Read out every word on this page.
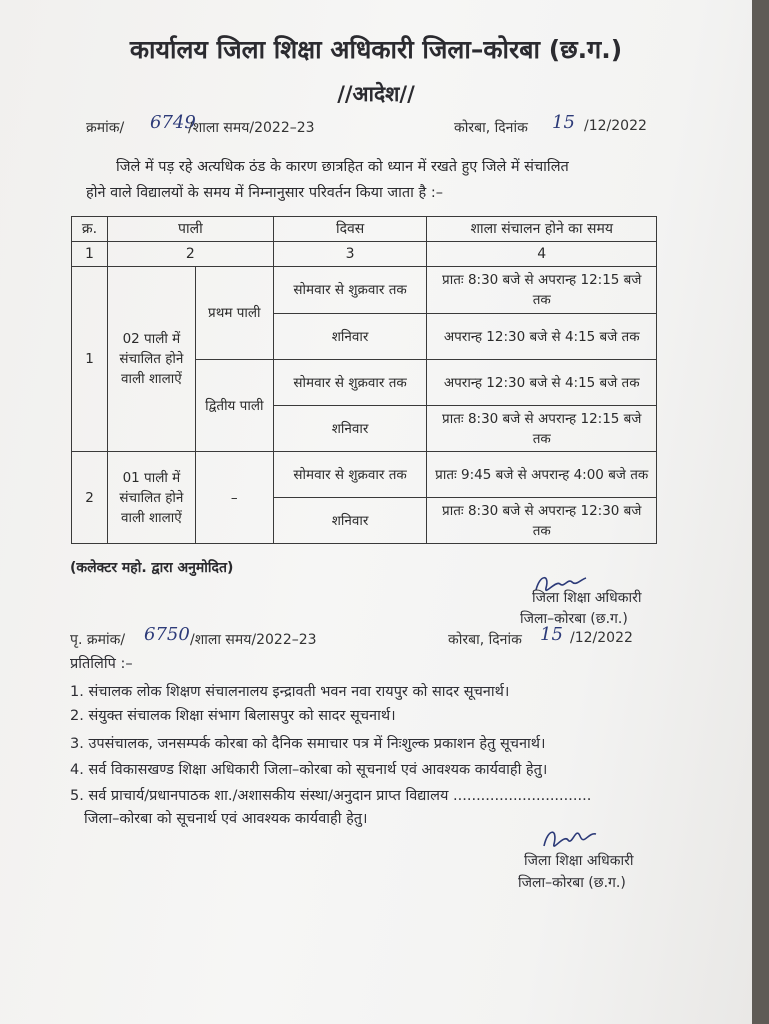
कार्यालय जिला शिक्षा अधिकारी जिला–कोरबा (छ.ग.)
//आदेश//
क्रमांक/ 6749
/शाला समय/2022–23	कोरबा, दिनांक 15 /12/2022
जिले में पड़ रहे अत्यधिक ठंड के कारण छात्रहित को ध्यान में रखते हुए जिले में संचालित
होने वाले विद्यालयों के समय में निम्नानुसार परिवर्तन किया जाता है :–
क्र.	पाली		दिवस	शाला संचालन होने का समय
1	2		3	4
1	02 पाली में संचालित होने वाली शालाऐं	प्रथम पाली	सोमवार से शुक्रवार तक	प्रातः 8:30 बजे से अपरान्ह 12:15 बजे तक
			शनिवार	अपरान्ह 12:30 बजे से 4:15 बजे तक
		द्वितीय पाली	सोमवार से शुक्रवार तक	अपरान्ह 12:30 बजे से 4:15 बजे तक
			शनिवार	प्रातः 8:30 बजे से अपरान्ह 12:15 बजे तक
2	01 पाली में संचालित होने वाली शालाऐं	–	सोमवार से शुक्रवार तक	प्रातः 9:45 बजे से अपरान्ह 4:00 बजे तक
			शनिवार	प्रातः 8:30 बजे से अपरान्ह 12:30 बजे तक
(कलेक्टर महो. द्वारा अनुमोदित)
जिला शिक्षा अधिकारी
जिला–कोरबा (छ.ग.)
पृ. क्रमांक/ 6750 /शाला समय/2022–23	कोरबा, दिनांक 15 /12/2022
प्रतिलिपि :–
1. संचालक लोक शिक्षण संचालनालय इन्द्रावती भवन नवा रायपुर को सादर सूचनार्थ।
2. संयुक्त संचालक शिक्षा संभाग बिलासपुर को सादर सूचनार्थ।
3. उपसंचालक, जनसम्पर्क कोरबा को दैनिक समाचार पत्र में निःशुल्क प्रकाशन हेतु सूचनार्थ।
4. सर्व विकासखण्ड शिक्षा अधिकारी जिला–कोरबा को सूचनार्थ एवं आवश्यक कार्यवाही हेतु।
5. सर्व प्राचार्य/प्रधानपाठक शा./अशासकीय संस्था/अनुदान प्राप्त विद्यालय ..............................
जिला–कोरबा को सूचनार्थ एवं आवश्यक कार्यवाही हेतु।
जिला शिक्षा अधिकारी
जिला–कोरबा (छ.ग.)
